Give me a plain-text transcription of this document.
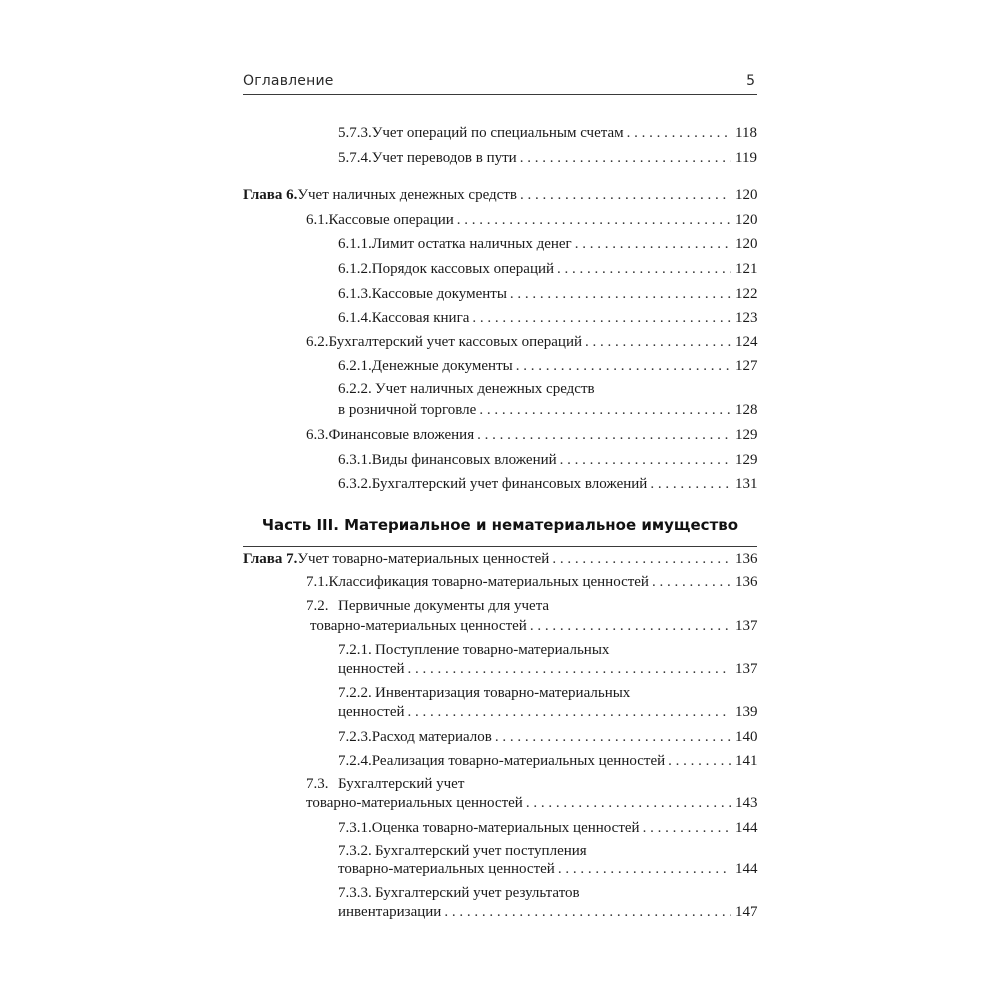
Оглавление	5
5.7.3. Учет операций по специальным счетам . . .	118
5.7.4. Учет переводов в пути . . .	119
Глава 6. Учет наличных денежных средств . . .	120
6.1. Кассовые операции . . .	120
6.1.1. Лимит остатка наличных денег . . .	120
6.1.2. Порядок кассовых операций . . .	121
6.1.3. Кассовые документы . . .	122
6.1.4. Кассовая книга . . .	123
6.2. Бухгалтерский учет кассовых операций . . .	124
6.2.1. Денежные документы . . .	127
6.2.2. Учет наличных денежных средств
в розничной торговле . . .	128
6.3. Финансовые вложения . . .	129
6.3.1. Виды финансовых вложений . . .	129
6.3.2. Бухгалтерский учет финансовых вложений . . .	131
Часть III. Материальное и нематериальное имущество
Глава 7. Учет товарно-материальных ценностей . . .	136
7.1. Классификация товарно-материальных ценностей . . .	136
7.2. Первичные документы для учета
товарно-материальных ценностей . . .	137
7.2.1. Поступление товарно-материальных
ценностей . . .	137
7.2.2. Инвентаризация товарно-материальных
ценностей . . .	139
7.2.3. Расход материалов . . .	140
7.2.4. Реализация товарно-материальных ценностей . . .	141
7.3. Бухгалтерский учет
товарно-материальных ценностей . . .	143
7.3.1. Оценка товарно-материальных ценностей . . .	144
7.3.2. Бухгалтерский учет поступления
товарно-материальных ценностей . . .	144
7.3.3. Бухгалтерский учет результатов
инвентаризации . . .	147
